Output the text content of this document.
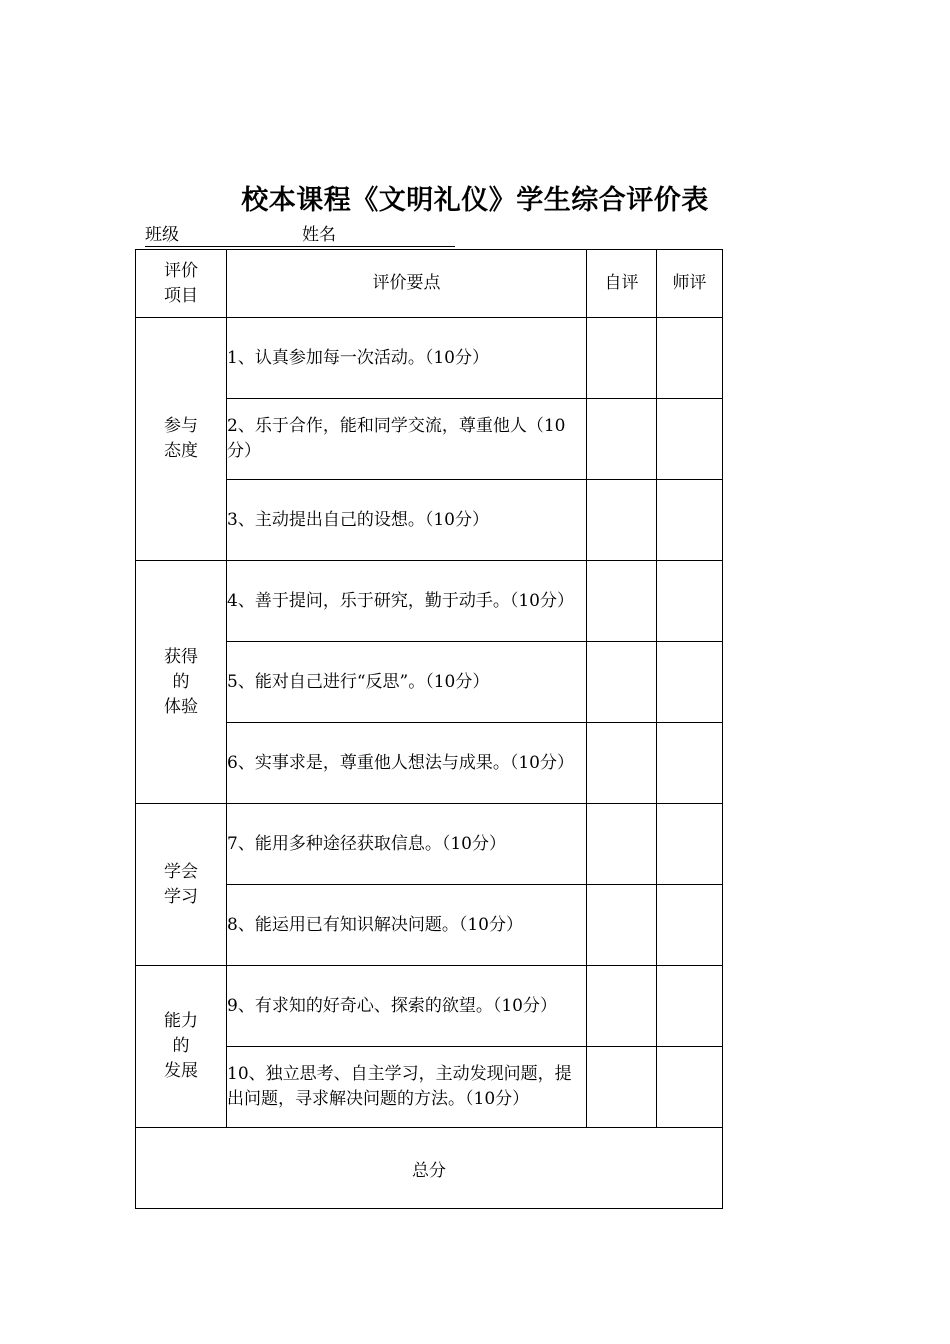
校本课程《文明礼仪》学生综合评价表
班级	姓名
评价
项目	评价要点	自评	师评

参与
态度	1、认真参加每一次活动。（10分）		
	2、乐于合作，能和同学交流，尊重他人（10分）		
	3、主动提出自己的设想。（10分）		

获得
的
体验	4、善于提问，乐于研究，勤于动手。（10分）		
	5、能对自己进行“反思”。（10分）		
	6、实事求是，尊重他人想法与成果。（10分）		

学会
学习	7、能用多种途径获取信息。（10分）		
	8、能运用已有知识解决问题。（10分）		

能力
的
发展	9、有求知的好奇心、探索的欲望。（10分）		
	10、独立思考、自主学习，主动发现问题，提出问题，寻求解决问题的方法。（10分）		
总分			
